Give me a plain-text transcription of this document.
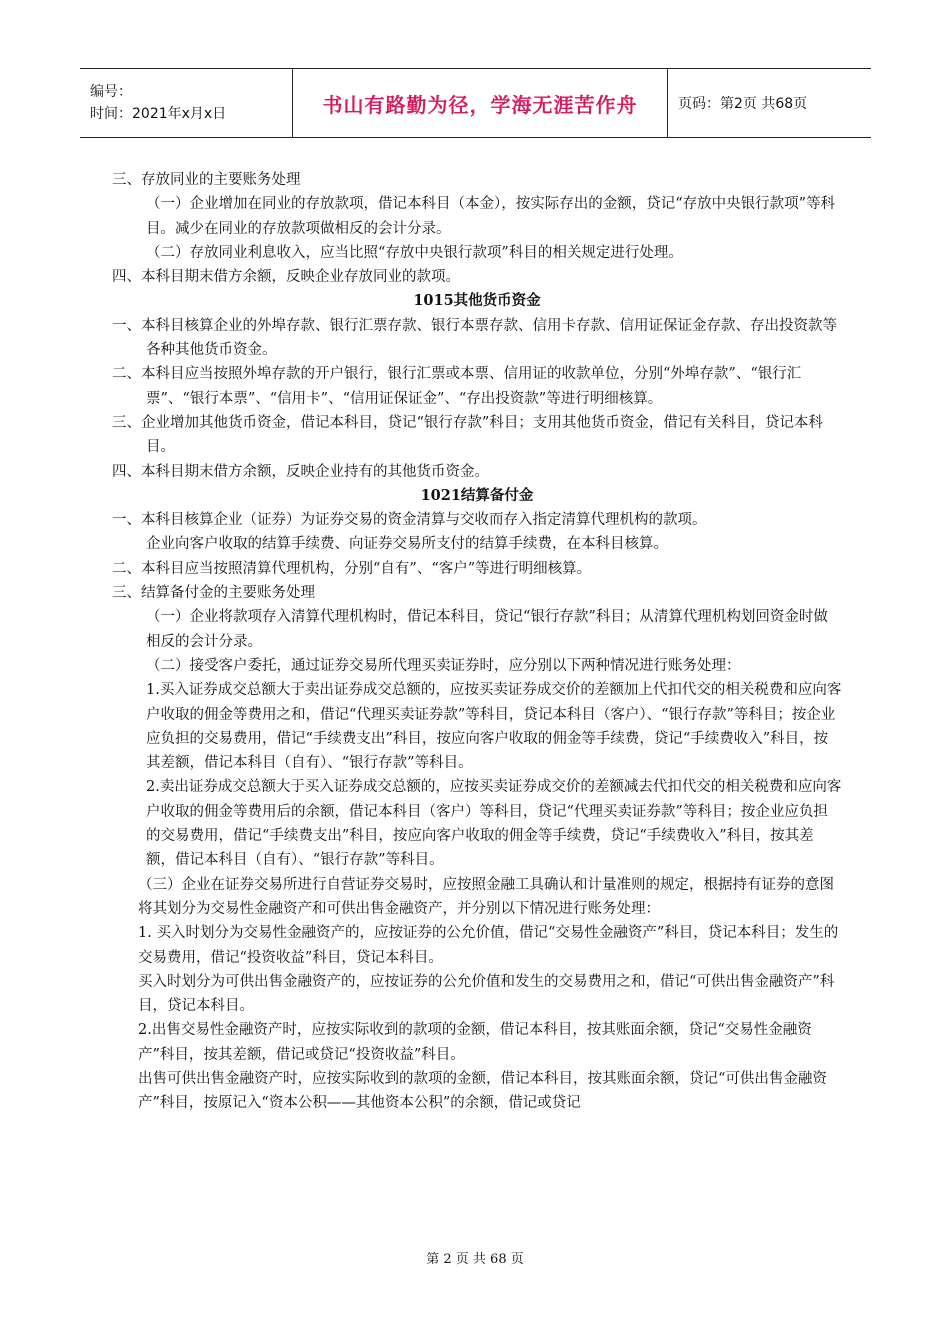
编号：
时间：2021年x月x日	书山有路勤为径，学海无涯苦作舟	页码：第2页 共68页

三、存放同业的主要账务处理

（一）企业增加在同业的存放款项，借记本科目（本金），按实际存出的金额，贷记“存放中央银行款项”等科目。减少在同业的存放款项做相反的会计分录。

（二）存放同业利息收入，应当比照“存放中央银行款项”科目的相关规定进行处理。

四、本科目期末借方余额，反映企业存放同业的款项。

1015其他货币资金

一、本科目核算企业的外埠存款、银行汇票存款、银行本票存款、信用卡存款、信用证保证金存款、存出投资款等各种其他货币资金。

二、本科目应当按照外埠存款的开户银行，银行汇票或本票、信用证的收款单位，分别“外埠存款”、“银行汇票”、“银行本票”、“信用卡”、“信用证保证金”、“存出投资款”等进行明细核算。

三、企业增加其他货币资金，借记本科目，贷记“银行存款”科目；支用其他货币资金，借记有关科目，贷记本科目。

四、本科目期末借方余额，反映企业持有的其他货币资金。

1021结算备付金

一、本科目核算企业（证券）为证券交易的资金清算与交收而存入指定清算代理机构的款项。

企业向客户收取的结算手续费、向证券交易所支付的结算手续费，在本科目核算。

二、本科目应当按照清算代理机构，分别“自有”、“客户”等进行明细核算。

三、结算备付金的主要账务处理

（一）企业将款项存入清算代理机构时，借记本科目，贷记“银行存款”科目；从清算代理机构划回资金时做相反的会计分录。

（二）接受客户委托，通过证券交易所代理买卖证券时，应分别以下两种情况进行账务处理：

1.买入证券成交总额大于卖出证券成交总额的，应按买卖证券成交价的差额加上代扣代交的相关税费和应向客户收取的佣金等费用之和，借记“代理买卖证券款”等科目，贷记本科目（客户）、“银行存款”等科目；按企业应负担的交易费用，借记“手续费支出”科目，按应向客户收取的佣金等手续费，贷记“手续费收入”科目，按其差额，借记本科目（自有）、“银行存款”等科目。

2.卖出证券成交总额大于买入证券成交总额的，应按买卖证券成交价的差额减去代扣代交的相关税费和应向客户收取的佣金等费用后的余额，借记本科目（客户）等科目，贷记“代理买卖证券款”等科目；按企业应负担的交易费用，借记“手续费支出”科目，按应向客户收取的佣金等手续费，贷记“手续费收入”科目，按其差额，借记本科目（自有）、“银行存款”等科目。

（三）企业在证券交易所进行自营证券交易时，应按照金融工具确认和计量准则的规定，根据持有证券的意图将其划分为交易性金融资产和可供出售金融资产，并分别以下情况进行账务处理：

1. 买入时划分为交易性金融资产的，应按证券的公允价值，借记“交易性金融资产”科目，贷记本科目；发生的交易费用，借记“投资收益”科目，贷记本科目。

买入时划分为可供出售金融资产的，应按证券的公允价值和发生的交易费用之和，借记“可供出售金融资产”科目，贷记本科目。

2.出售交易性金融资产时，应按实际收到的款项的金额，借记本科目，按其账面余额，贷记“交易性金融资产”科目，按其差额，借记或贷记“投资收益”科目。

出售可供出售金融资产时，应按实际收到的款项的金额，借记本科目，按其账面余额，贷记“可供出售金融资产”科目，按原记入“资本公积——其他资本公积”的余额，借记或贷记

第 2 页 共 68 页
